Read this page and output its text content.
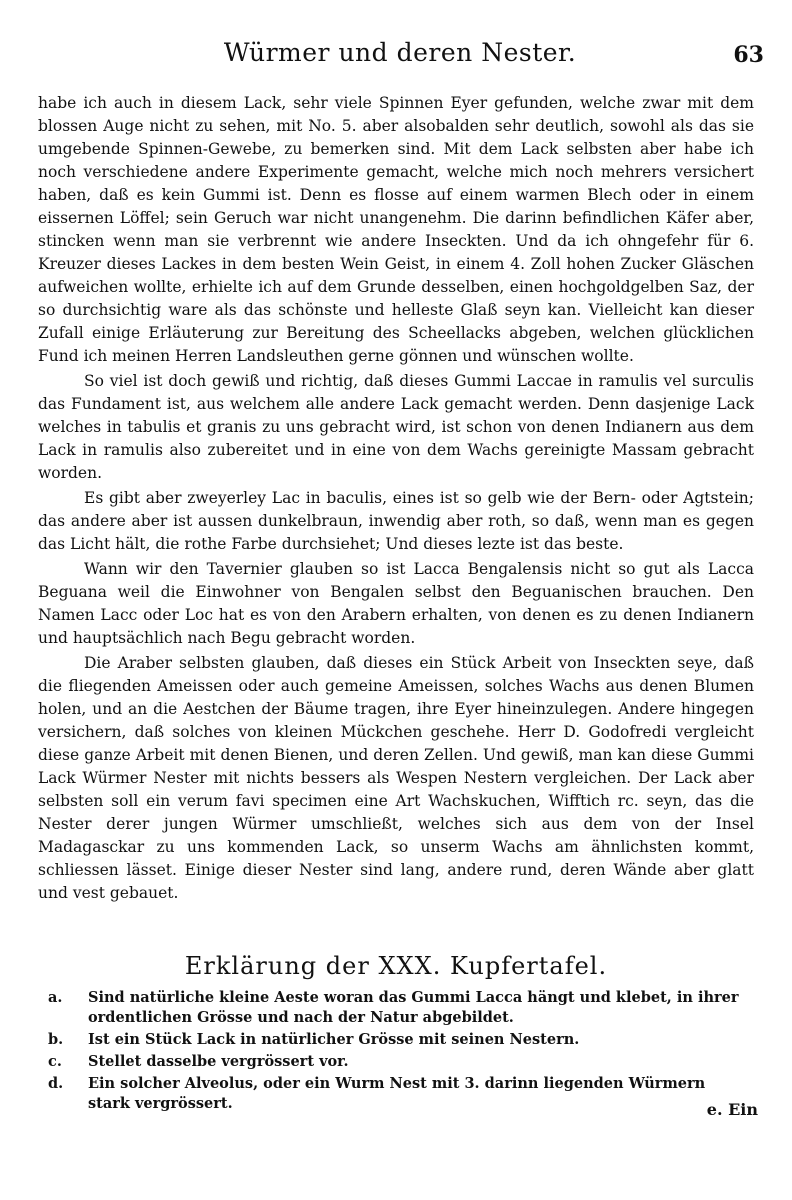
Würmer und deren Nester.	63

habe ich auch in diesem Lack, sehr viele Spinnen Eyer gefunden, welche zwar mit dem blossen Auge nicht zu sehen, mit No. 5. aber alsobalden sehr deutlich, sowohl als das sie umgebende Spinnen-Gewebe, zu bemerken sind. Mit dem Lack selbsten aber habe ich noch verschiedene andere Experimente gemacht, welche mich noch mehrers versichert haben, daß es kein Gummi ist. Denn es flosse auf einem warmen Blech oder in einem eissernen Löffel; sein Geruch war nicht unangenehm. Die darinn befindlichen Käfer aber, stincken wenn man sie verbrennt wie andere Inseckten. Und da ich ohngefehr für 6. Kreuzer dieses Lackes in dem besten Wein Geist, in einem 4. Zoll hohen Zucker Gläschen aufweichen wollte, erhielte ich auf dem Grunde desselben, einen hochgoldgelben Saz, der so durchsichtig ware als das schönste und helleste Glaß seyn kan. Vielleicht kan dieser Zufall einige Erläuterung zur Bereitung des Scheellacks abgeben, welchen glücklichen Fund ich meinen Herren Landsleuthen gerne gönnen und wünschen wollte.

So viel ist doch gewiß und richtig, daß dieses Gummi Laccae in ramulis vel surculis das Fundament ist, aus welchem alle andere Lack gemacht werden. Denn dasjenige Lack welches in tabulis et granis zu uns gebracht wird, ist schon von denen Indianern aus dem Lack in ramulis also zubereitet und in eine von dem Wachs gereinigte Massam gebracht worden.

Es gibt aber zweyerley Lac in baculis, eines ist so gelb wie der Bern- oder Agtstein; das andere aber ist aussen dunkelbraun, inwendig aber roth, so daß, wenn man es gegen das Licht hält, die rothe Farbe durchsiehet; Und dieses lezte ist das beste.

Wann wir den Tavernier glauben so ist Lacca Bengalensis nicht so gut als Lacca Beguana weil die Einwohner von Bengalen selbst den Beguanischen brauchen. Den Namen Lacc oder Loc hat es von den Arabern erhalten, von denen es zu denen Indianern und hauptsächlich nach Begu gebracht worden.

Die Araber selbsten glauben, daß dieses ein Stück Arbeit von Inseckten seye, daß die fliegenden Ameissen oder auch gemeine Ameissen, solches Wachs aus denen Blumen holen, und an die Aestchen der Bäume tragen, ihre Eyer hineinzulegen. Andere hingegen versichern, daß solches von kleinen Mückchen geschehe. Herr D. Godofredi vergleicht diese ganze Arbeit mit denen Bienen, und deren Zellen. Und gewiß, man kan diese Gummi Lack Würmer Nester mit nichts bessers als Wespen Nestern vergleichen. Der Lack aber selbsten soll ein verum favi specimen eine Art Wachskuchen, Wifftich rc. seyn, das die Nester derer jungen Würmer umschließt, welches sich aus dem von der Insel Madagasckar zu uns kommenden Lack, so unserm Wachs am ähnlichsten kommt, schliessen lässet. Einige dieser Nester sind lang, andere rund, deren Wände aber glatt und vest gebauet.

Erklärung der XXX. Kupfertafel.
a.	Sind natürliche kleine Aeste woran das Gummi Lacca hängt und klebet, in ihrer ordentlichen Grösse und nach der Natur abgebildet.
b.	Ist ein Stück Lack in natürlicher Grösse mit seinen Nestern.
c.	Stellet dasselbe vergrössert vor.
d.	Ein solcher Alveolus, oder ein Wurm Nest mit 3. darinn liegenden Würmern stark vergrössert.	e. Ein
